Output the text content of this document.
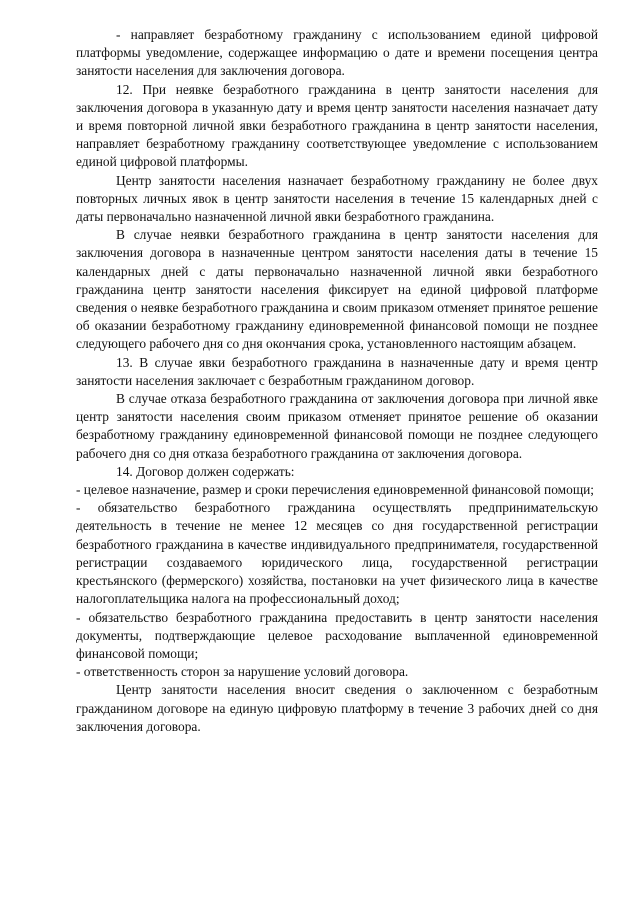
- направляет безработному гражданину с использованием единой цифровой платформы уведомление, содержащее информацию о дате и времени посещения центра занятости населения для заключения договора.

12. При неявке безработного гражданина в центр занятости населения для заключения договора в указанную дату и время центр занятости населения назначает дату и время повторной личной явки безработного гражданина в центр занятости населения, направляет безработному гражданину соответствующее уведомление с использованием единой цифровой платформы.

Центр занятости населения назначает безработному гражданину не более двух повторных личных явок в центр занятости населения в течение 15 календарных дней с даты первоначально назначенной личной явки безработного гражданина.

В случае неявки безработного гражданина в центр занятости населения для заключения договора в назначенные центром занятости населения даты в течение 15 календарных дней с даты первоначально назначенной личной явки безработного гражданина центр занятости населения фиксирует на единой цифровой платформе сведения о неявке безработного гражданина и своим приказом отменяет принятое решение об оказании безработному гражданину единовременной финансовой помощи не позднее следующего рабочего дня со дня окончания срока, установленного настоящим абзацем.

13. В случае явки безработного гражданина в назначенные дату и время центр занятости населения заключает с безработным гражданином договор.

В случае отказа безработного гражданина от заключения договора при личной явке центр занятости населения своим приказом отменяет принятое решение об оказании безработному гражданину единовременной финансовой помощи не позднее следующего рабочего дня со дня отказа безработного гражданина от заключения договора.

14. Договор должен содержать:

- целевое назначение, размер и сроки перечисления единовременной финансовой помощи;

- обязательство безработного гражданина осуществлять предпринимательскую деятельность в течение не менее 12 месяцев со дня государственной регистрации безработного гражданина в качестве индивидуального предпринимателя, государственной регистрации создаваемого юридического лица, государственной регистрации крестьянского (фермерского) хозяйства, постановки на учет физического лица в качестве налогоплательщика налога на профессиональный доход;

- обязательство безработного гражданина предоставить в центр занятости населения документы, подтверждающие целевое расходование выплаченной единовременной финансовой помощи;

- ответственность сторон за нарушение условий договора.

Центр занятости населения вносит сведения о заключенном с безработным гражданином договоре на единую цифровую платформу в течение 3 рабочих дней со дня заключения договора.
